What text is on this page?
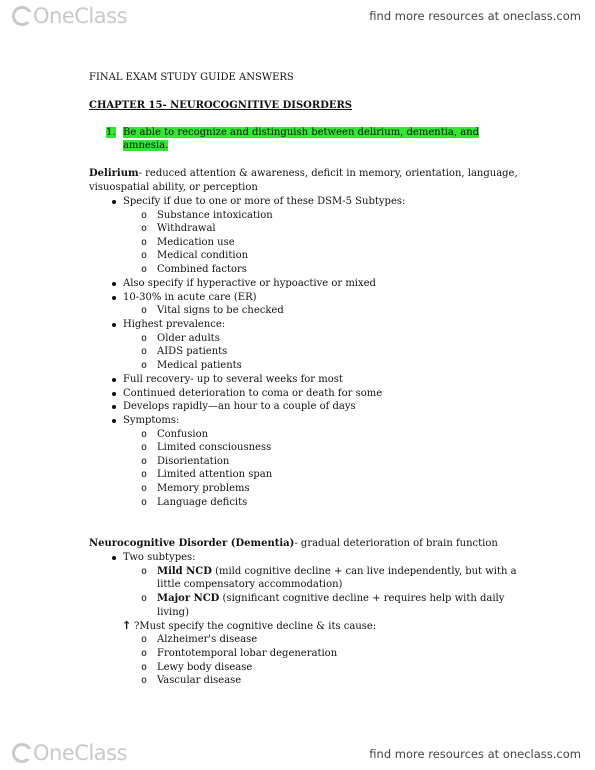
OneClass	find more resources at oneclass.com
FINAL EXAM STUDY GUIDE ANSWERS
CHAPTER 15- NEUROCOGNITIVE DISORDERS
1. Be able to recognize and distinguish between delirium, dementia, and
amnesia.
Delirium- reduced attention & awareness, deficit in memory, orientation, language,
visuospatial ability, or perception
Specify if due to one or more of these DSM-5 Subtypes:
o Substance intoxication
o Withdrawal
o Medication use
o Medical condition
o Combined factors
Also specify if hyperactive or hypoactive or mixed
10-30% in acute care (ER)
o Vital signs to be checked
Highest prevalence:
o Older adults
o AIDS patients
o Medical patients
Full recovery- up to several weeks for most
Continued deterioration to coma or death for some
Develops rapidly—an hour to a couple of days
Symptoms:
o Confusion
o Limited consciousness
o Disorientation
o Limited attention span
o Memory problems
o Language deficits
Neurocognitive Disorder (Dementia)- gradual deterioration of brain function
Two subtypes:
o Mild NCD (mild cognitive decline + can live independently, but with a
little compensatory accommodation)
o Major NCD (significant cognitive decline + requires help with daily
living)
↑ ?Must specify the cognitive decline & its cause:
o Alzheimer's disease
o Frontotemporal lobar degeneration
o Lewy body disease
o Vascular disease
OneClass	find more resources at oneclass.com
